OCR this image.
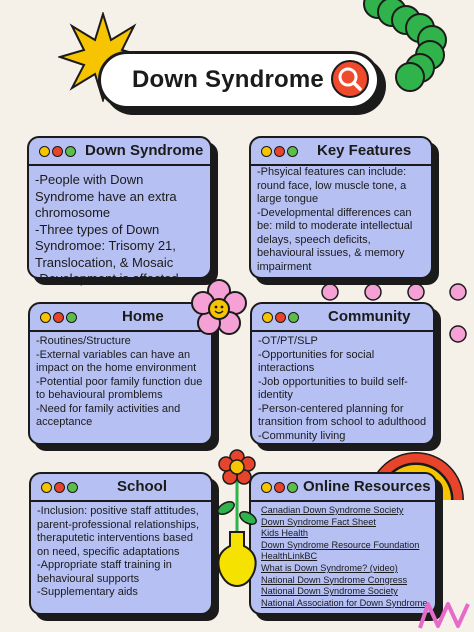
Down Syndrome
Down Syndrome
-People with Down Syndrome have an extra chromosome
-Three types of Down Syndromoe: Trisomy 21, Translocation, & Mosaic
-Development is affected
Key Features
-Phsyical features can include: round face, low muscle tone, a large tongue
-Developmental differences can be: mild to moderate intellectual delays, speech deficits, behavioural issues, & memory impairment
Home
-Routines/Structure
-External variables can have an impact on the home environment
-Potential poor family function due to behavioural promblems
-Need for family activities and acceptance
Community
-OT/PT/SLP
-Opportunities for social interactions
-Job opportunities to build self-identity
-Person-centered planning for transition from school to adulthood
-Community living
School
-Inclusion: positive staff attitudes, parent-professional relationships, theraputetic interventions based on need, specific adaptations
-Appropriate staff training in behavioural supports
-Supplementary aids
Online Resources
Canadian Down Syndrome Society
Down Syndrome Fact Sheet
Kids Health
Down Syndrome Resource Foundation
HealthLinkBC
What is Down Syndrome? (video)
National Down Syndrome Congress
National Down Syndrome Society
National Association for Down Syndrome
